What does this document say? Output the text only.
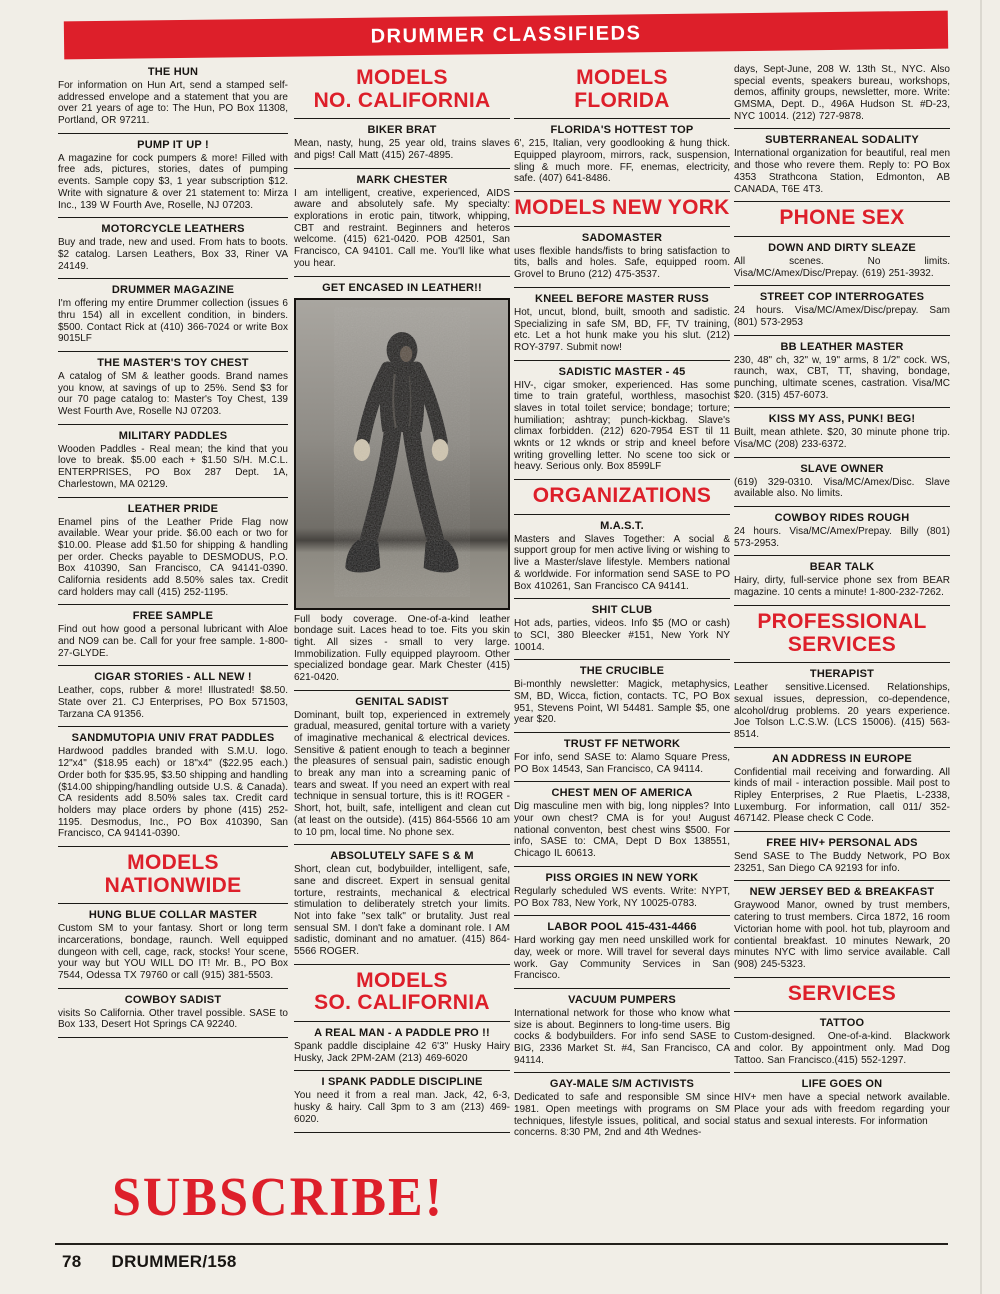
DRUMMER CLASSIFIEDS
THE HUN
For information on Hun Art, send a stamped self-addressed envelope and a statement that you are over 21 years of age to: The Hun, PO Box 11308, Portland, OR 97211.
PUMP IT UP !
A magazine for cock pumpers & more! Filled with free ads, pictures, stories, dates of pumping events. Sample copy $3, 1 year subscription $12. Write with signature & over 21 statement to: Mirza Inc., 139 W Fourth Ave, Roselle, NJ 07203.
MOTORCYCLE LEATHERS
Buy and trade, new and used. From hats to boots. $2 catalog. Larsen Leathers, Box 33, Riner VA 24149.
DRUMMER MAGAZINE
I'm offering my entire Drummer collection (issues 6 thru 154) all in excellent condition, in binders. $500. Contact Rick at (410) 366-7024 or write Box 9015LF
THE MASTER'S TOY CHEST
A catalog of SM & leather goods. Brand names you know, at savings of up to 25%. Send $3 for our 70 page catalog to: Master's Toy Chest, 139 West Fourth Ave, Roselle NJ 07203.
MILITARY PADDLES
Wooden Paddles - Real mean; the kind that you love to break. $5.00 each + $1.50 S/H. M.C.L. ENTERPRISES, PO Box 287 Dept. 1A, Charlestown, MA 02129.
LEATHER PRIDE
Enamel pins of the Leather Pride Flag now available. Wear your pride. $6.00 each or two for $10.00. Please add $1.50 for shipping & handling per order. Checks payable to DESMODUS, P.O. Box 410390, San Francisco, CA 94141-0390. California residents add 8.50% sales tax. Credit card holders may call (415) 252-1195.
FREE SAMPLE
Find out how good a personal lubricant with Aloe and NO9 can be. Call for your free sample. 1-800-27-GLYDE.
CIGAR STORIES - ALL NEW !
Leather, cops, rubber & more! Illustrated! $8.50. State over 21. CJ Enterprises, PO Box 571503, Tarzana CA 91356.
SANDMUTOPIA UNIV FRAT PADDLES
Hardwood paddles branded with S.M.U. logo. 12"x4" ($18.95 each) or 18"x4" ($22.95 each.) Order both for $35.95, $3.50 shipping and handling ($14.00 shipping/handling outside U.S. & Canada). CA residents add 8.50% sales tax. Credit card holders may place orders by phone (415) 252-1195. Desmodus, Inc., PO Box 410390, San Francisco, CA 94141-0390.
MODELS
NATIONWIDE
HUNG BLUE COLLAR MASTER
Custom SM to your fantasy. Short or long term incarcerations, bondage, raunch. Well equipped dungeon with cell, cage, rack, stocks! Your scene, your way but YOU WILL DO IT! Mr. B., PO Box 7544, Odessa TX 79760 or call (915) 381-5503.
COWBOY SADIST
visits So California. Other travel possible. SASE to Box 133, Desert Hot Springs CA 92240.
MODELS
NO. CALIFORNIA
BIKER BRAT
Mean, nasty, hung, 25 year old, trains slaves and pigs! Call Matt (415) 267-4895.
MARK CHESTER
I am intelligent, creative, experienced, AIDS aware and absolutely safe. My specialty: explorations in erotic pain, titwork, whipping, CBT and restraint. Beginners and heteros welcome. (415) 621-0420. POB 42501, San Francisco, CA 94101. Call me. You'll like what you hear.
GET ENCASED IN LEATHER!!
Full body coverage. One-of-a-kind leather bondage suit. Laces head to toe. Fits you skin tight. All sizes - small to very large. Immobilization. Fully equipped playroom. Other specialized bondage gear. Mark Chester (415) 621-0420.
GENITAL SADIST
Dominant, built top, experienced in extremely gradual, measured, genital torture with a variety of imaginative mechanical & electrical devices. Sensitive & patient enough to teach a beginner the pleasures of sensual pain, sadistic enough to break any man into a screaming panic of tears and sweat. If you need an expert with real technique in sensual torture, this is it! ROGER - Short, hot, built, safe, intelligent and clean cut (at least on the outside). (415) 864-5566 10 am to 10 pm, local time. No phone sex.
ABSOLUTELY SAFE S & M
Short, clean cut, bodybuilder, intelligent, safe, sane and discreet. Expert in sensual genital torture, restraints, mechanical & electrical stimulation to deliberately stretch your limits. Not into fake "sex talk" or brutality. Just real sensual SM. I don't fake a dominant role. I AM sadistic, dominant and no amatuer. (415) 864-5566 ROGER.
MODELS
SO. CALIFORNIA
A REAL MAN - A PADDLE PRO !!
Spank paddle disciplaine 42 6'3" Husky Hairy Husky, Jack 2PM-2AM (213) 469-6020
I SPANK PADDLE DISCIPLINE
You need it from a real man. Jack, 42, 6-3, husky & hairy. Call 3pm to 3 am (213) 469-6020.
MODELS
FLORIDA
FLORIDA'S HOTTEST TOP
6', 215, Italian, very goodlooking & hung thick. Equipped playroom, mirrors, rack, suspension, sling & much more. FF, enemas, electricity, safe. (407) 641-8486.
MODELS NEW YORK
SADOMASTER
uses flexible hands/fists to bring satisfaction to tits, balls and holes. Safe, equipped room. Grovel to Bruno (212) 475-3537.
KNEEL BEFORE MASTER RUSS
Hot, uncut, blond, built, smooth and sadistic. Specializing in safe SM, BD, FF, TV training, etc. Let a hot hunk make you his slut. (212) ROY-3797. Submit now!
SADISTIC MASTER - 45
HIV-, cigar smoker, experienced. Has some time to train grateful, worthless, masochist slaves in total toilet service; bondage; torture; humiliation; ashtray; punch-kickbag. Slave's climax forbidden. (212) 620-7954 EST til 11 wknts or 12 wknds or strip and kneel before writing grovelling letter. No scene too sick or heavy. Serious only. Box 8599LF
ORGANIZATIONS
M.A.S.T.
Masters and Slaves Together: A social & support group for men active living or wishing to live a Master/slave lifestyle. Members national & worldwide. For information send SASE to PO Box 410261, San Francisco CA 94141.
SHIT CLUB
Hot ads, parties, videos. Info $5 (MO or cash) to SCI, 380 Bleecker #151, New York NY 10014.
THE CRUCIBLE
Bi-monthly newsletter: Magick, metaphysics, SM, BD, Wicca, fiction, contacts. TC, PO Box 951, Stevens Point, WI 54481. Sample $5, one year $20.
TRUST FF NETWORK
For info, send SASE to: Alamo Square Press, PO Box 14543, San Francisco, CA 94114.
CHEST MEN OF AMERICA
Dig masculine men with big, long nipples? Into your own chest? CMA is for you! August national conventon, best chest wins $500. For info, SASE to: CMA, Dept D Box 138551, Chicago IL 60613.
PISS ORGIES IN NEW YORK
Regularly scheduled WS events. Write: NYPT, PO Box 783, New York, NY 10025-0783.
LABOR POOL 415-431-4466
Hard working gay men need unskilled work for day, week or more. Will travel for several days work. Gay Community Services in San Francisco.
VACUUM PUMPERS
International network for those who know what size is about. Beginners to long-time users. Big cocks & bodybuilders. For info send SASE to BIG, 2336 Market St. #4, San Francisco, CA 94114.
GAY-MALE S/M ACTIVISTS
Dedicated to safe and responsible SM since 1981. Open meetings with programs on SM techniques, lifestyle issues, political, and social concerns. 8:30 PM, 2nd and 4th Wednes-
days, Sept-June, 208 W. 13th St., NYC. Also special events, speakers bureau, workshops, demos, affinity groups, newsletter, more. Write: GMSMA, Dept. D., 496A Hudson St. #D-23, NYC 10014. (212) 727-9878.
SUBTERRANEAL SODALITY
International organization for beautiful, real men and those who revere them. Reply to: PO Box 4353 Strathcona Station, Edmonton, AB CANADA, T6E 4T3.
PHONE SEX
DOWN AND DIRTY SLEAZE
All scenes. No limits. Visa/MC/Amex/Disc/Prepay. (619) 251-3932.
STREET COP INTERROGATES
24 hours. Visa/MC/Amex/Disc/prepay. Sam (801) 573-2953
BB LEATHER MASTER
230, 48" ch, 32" w, 19" arms, 8 1/2" cock. WS, raunch, wax, CBT, TT, shaving, bondage, punching, ultimate scenes, castration. Visa/MC $20. (315) 457-6073.
KISS MY ASS, PUNK! BEG!
Built, mean athlete. $20, 30 minute phone trip. Visa/MC (208) 233-6372.
SLAVE OWNER
(619) 329-0310. Visa/MC/Amex/Disc. Slave available also. No limits.
COWBOY RIDES ROUGH
24 hours. Visa/MC/Amex/Prepay. Billy (801) 573-2953.
BEAR TALK
Hairy, dirty, full-service phone sex from BEAR magazine. 10 cents a minute! 1-800-232-7262.
PROFESSIONAL
SERVICES
THERAPIST
Leather sensitive.Licensed. Relationships, sexual issues, depression, co-dependence, alcohol/drug problems. 20 years experience. Joe Tolson L.C.S.W. (LCS 15006). (415) 563-8514.
AN ADDRESS IN EUROPE
Confidential mail receiving and forwarding. All kinds of mail - interaction possible. Mail post to Ripley Enterprises, 2 Rue Plaetis, L-2338, Luxemburg. For information, call 011/ 352-467142. Please check C Code.
FREE HIV+ PERSONAL ADS
Send SASE to The Buddy Network, PO Box 23251, San Diego CA 92193 for info.
NEW JERSEY BED & BREAKFAST
Graywood Manor, owned by trust members, catering to trust members. Circa 1872, 16 room Victorian home with pool. hot tub, playroom and contiental breakfast. 10 minutes Newark, 20 minutes NYC with limo service available. Call (908) 245-5323.
SERVICES
TATTOO
Custom-designed. One-of-a-kind. Blackwork and color. By appointment only. Mad Dog Tattoo. San Francisco.(415) 552-1297.
LIFE GOES ON
HIV+ men have a special network available. Place your ads with freedom regarding your status and sexual interests. For information
SUBSCRIBE!
78 DRUMMER/158
